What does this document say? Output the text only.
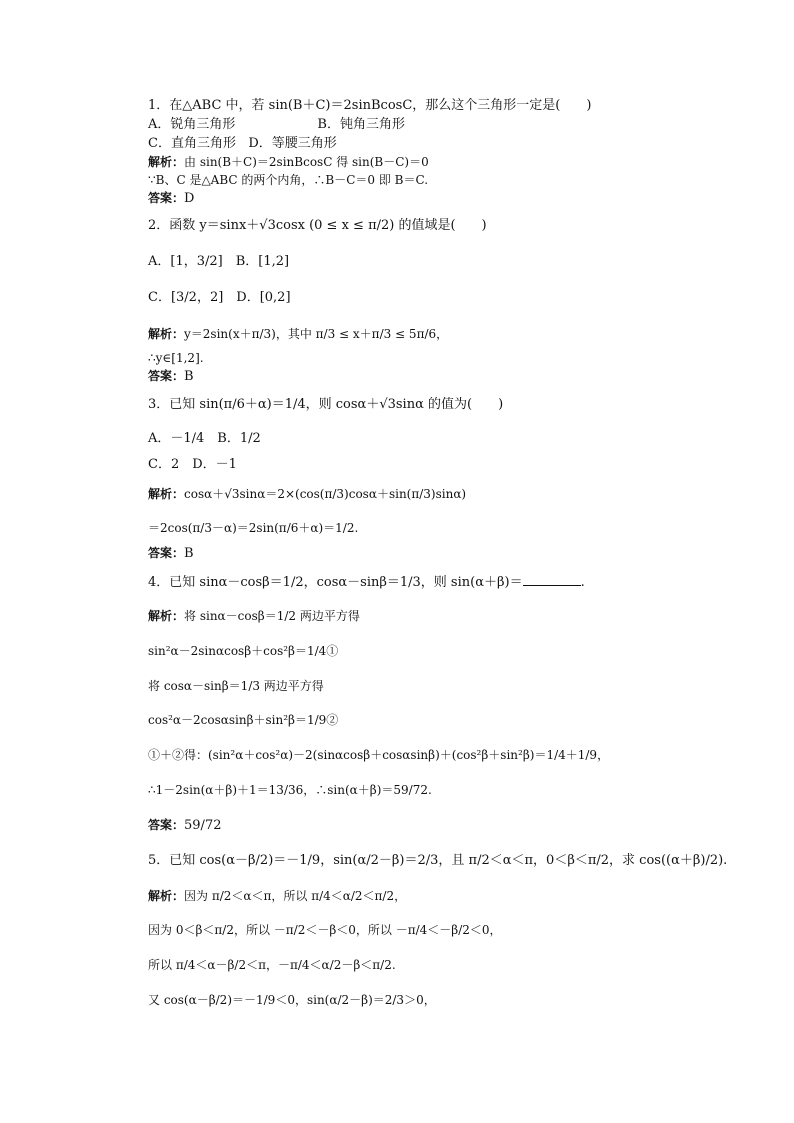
1．在△ABC 中，若 sin(B＋C)＝2sinBcosC，那么这个三角形一定是(　　)
A．锐角三角形	B．钝角三角形
C．直角三角形 D．等腰三角形
解析：由 sin(B＋C)＝2sinBcosC 得 sin(B－C)＝0
∵B、C 是△ABC 的两个内角，∴B－C＝0 即 B＝C.
答案：D
2．函数 y＝sinx＋√3cosx (0 ≤ x ≤ π/2) 的值域是(　　)
A．[1，3/2]　B．[1,2]
C．[3/2，2]　D．[0,2]
解析：y＝2sin(x＋π/3)，其中 π/3 ≤ x＋π/3 ≤ 5π/6，
∴y∈[1,2].
答案：B
3．已知 sin(π/6＋α)＝1/4，则 cosα＋√3sinα 的值为(　　)
A．－1/4　B．1/2
C．2　D．－1
解析：cosα＋√3sinα＝2×(cos(π/3)cosα＋sin(π/3)sinα)
＝2cos(π/3－α)＝2sin(π/6＋α)＝1/2.
答案：B
4．已知 sinα－cosβ＝1/2，cosα－sinβ＝1/3，则 sin(α＋β)＝	.
解析：将 sinα－cosβ＝1/2 两边平方得
sin²α－2sinαcosβ＋cos²β＝1/4①
将 cosα－sinβ＝1/3 两边平方得
cos²α－2cosαsinβ＋sin²β＝1/9②
①＋②得：(sin²α＋cos²α)－2(sinαcosβ＋cosαsinβ)＋(cos²β＋sin²β)＝1/4＋1/9，
∴1－2sin(α＋β)＋1＝13/36，∴sin(α＋β)＝59/72.
答案：59/72
5．已知 cos(α－β/2)＝－1/9，sin(α/2－β)＝2/3，且 π/2＜α＜π，0＜β＜π/2，求 cos((α＋β)/2).
解析：因为 π/2＜α＜π，所以 π/4＜α/2＜π/2，
因为 0＜β＜π/2，所以 －π/2＜－β＜0，所以 －π/4＜－β/2＜0，
所以 π/4＜α－β/2＜π，－π/4＜α/2－β＜π/2.
又 cos(α－β/2)＝－1/9＜0，sin(α/2－β)＝2/3＞0，
